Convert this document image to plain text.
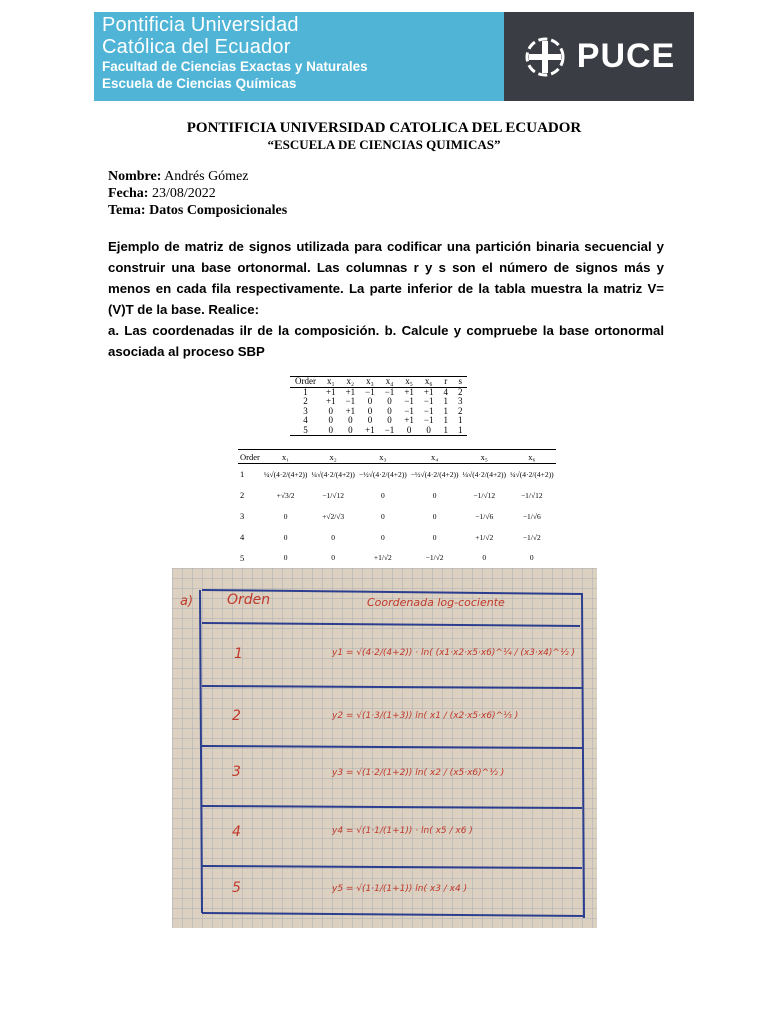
Pontificia Universidad
Católica del Ecuador
Facultad de Ciencias Exactas y Naturales
Escuela de Ciencias Químicas
PUCE
PONTIFICIA UNIVERSIDAD CATOLICA DEL ECUADOR
“ESCUELA DE CIENCIAS QUIMICAS”
Nombre: Andrés Gómez
Fecha: 23/08/2022
Tema: Datos Composicionales

Ejemplo de matriz de signos utilizada para codificar una partición binaria secuencial y construir una base ortonormal. Las columnas r y s son el número de signos más y menos en cada fila respectivamente. La parte inferior de la tabla muestra la matriz V=(V)T de la base. Realice:

a. Las coordenadas ilr de la composición. b. Calcule y compruebe la base ortonormal asociada al proceso SBP

Order	x₁	x₂	x₃	x₄	x₅	x₆	r	s
1	+1	+1	−1	−1	+1	+1	4	2
2	+1	−1	0	0	−1	−1	1	3
3	0	+1	0	0	−1	−1	1	2
4	0	0	0	0	+1	−1	1	1
5	0	0	+1	−1	0	0	1	1
Order	x₁	x₂	x₃	x₄	x₅	x₆
1	¼√(4·2/(4+2))	¼√(4·2/(4+2))	−½√(4·2/(4+2))	−½√(4·2/(4+2))	¼√(4·2/(4+2))	¼√(4·2/(4+2))
2	+√3/2	−1/√12	0	0	−1/√12	−1/√12
3	0	+√2/√3	0	0	−1/√6	−1/√6
4	0	0	0	0	+1/√2	−1/√2
5	0	0	+1/√2	−1/√2	0	0
a) Orden	Coordenada log-cociente
1	y1 = √(4·2/(4+2)) · ln( (x1·x2·x5·x6)^¼ / (x3·x4)^½ )
2	y2 = √(1·3/(1+3)) ln( x1 / (x2·x5·x6)^⅓ )
3	y3 = √(1·2/(1+2)) ln( x2 / (x5·x6)^½ )
4	y4 = √(1·1/(1+1)) · ln( x5 / x6 )
5	y5 = √(1·1/(1+1)) ln( x3 / x4 )
